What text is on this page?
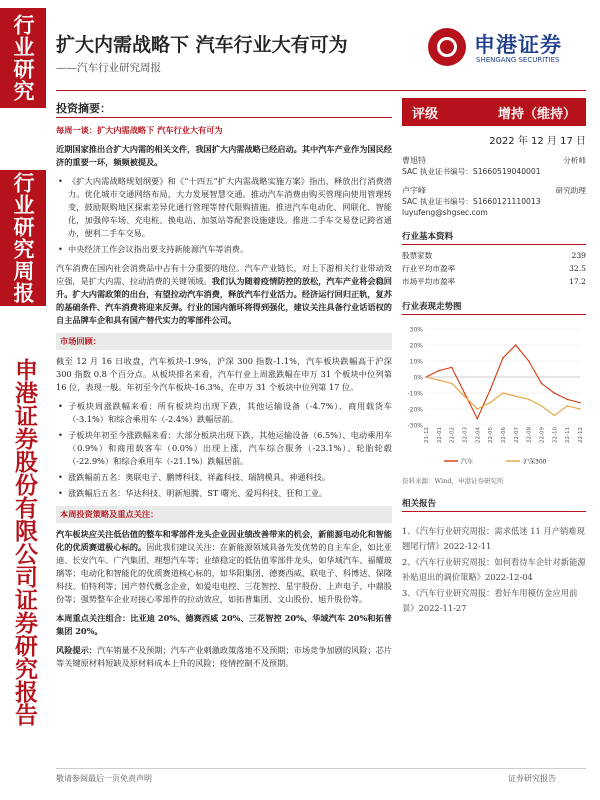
行业研究
行业研究周报
申港证券股份有限公司证券研究报告
扩大内需战略下 汽车行业大有可为
——汽车行业研究周报
申港证券
SHENGANG SECURITIES
投资摘要：
每周一谈：扩大内需战略下 汽车行业大有可为

近期国家推出合扩大内需的相关文件，我国扩大内需战略已经启动。其中汽车产业作为国民经济的重要一环，频频被提及。

• 《扩大内需战略规划纲要》和《“十四五”扩大内需战略实施方案》指出，释放出行消费潜力。优化城市交通网络布局，大力发展智慧交通。推动汽车消费由购买管理向使用管理转变，鼓励限购地区探索差异化通行管理等替代限购措施。推进汽车电动化、网联化、智能化，加强停车场、充电桩、换电站、加氢站等配套设施建设。推进二手车交易登记跨省通办，便利二手车交易。
• 中央经济工作会议指出要支持新能源汽车等消费。

汽车消费在国内社会消费品中占有十分重要的地位。汽车产业链长，对上下游相关行业带动效应强，是扩大内需、拉动消费的关键领域。我们认为随着疫情防控的放松，汽车产业将会稳回升。扩大内需政策的出台，有望拉动汽车消费，释放汽车行业活力。经济运行回归正轨，复苏的基础条件、汽车消费将迎来反弹。行业的国内循环将得到强化，建议关注具备行业话语权的自主品牌车企和具有国产替代实力的零部件公司。

市场回顾：

截至 12 月 16 日收盘，汽车板块-1.9%，沪深 300 指数-1.1%，汽车板块跌幅高于沪深 300 指数 0.8 个百分点。从板块排名来看，汽车行业上周涨跌幅在申万 31 个板块中位列第 16 位，表现一般。年初至今汽车板块-16.3%，在申万 31 个板块中位列第 17 位。

• 子板块周涨跌幅来看：所有板块均出现下跌，其他运输设备（-4.7%）、商用载货车（-3.1%）和综合乘用车（-2.4%）跌幅居前。
• 子板块年初至今涨跌幅来看：大部分板块出现下跌，其他运输设备（6.5%）、电动乘用车（0.9%）和商用载客车（0.0%）出现上涨，汽车综合服务（-23.1%）、轮胎轮毂（-22.9%）和综合乘用车（-21.1%）跌幅居前。
• 涨跌幅前五名：奥联电子、鹏博科技、祥鑫科技、瑞鹄模具、神通科技。
• 涨跌幅后五名：华达科技、明新旭腾、ST 曙光、爱玛科技、狂和工业。
本周投资策略及重点关注：

汽车板块应关注低估值的整车和零部件龙头企业因业绩改善带来的机会，新能源电动化和智能化的优质赛道极心标的。因此我们建议关注：在新能源领域具备先发优势的自主车企，如比亚迪、长安汽车、广汽集团、理想汽车等；业绩稳定的低估值零部件龙头，如华域汽车、福耀玻璃等；电动化和智能化的优质赛道核心标的，如华阳集团、德赛西威、联电子、科博达、保隆科技、伯特利等；国产替代概念企业，如爱电电控、三花智控、星宇股份、上声电子、中鼎股份等；强势整车企业对接心零部件的拉动效应，如拓普集团、文山股份、旭升股份等。

本周重点关注组合：比亚迪 20%、德赛西威 20%、三花智控 20%、华域汽车 20%和拓普集团 20%。

风险提示：汽车销量不及预期；汽车产业刺激政策落地不及预期；市场竞争加剧的风险；芯片等关键原材料短缺及原材料成本上升的风险；疫情控制不及预期。

评级	增持（维持）
2022 年 12 月 17 日
曹旭特	分析师
SAC 执业证书编号：S1660519040001
卢宇峰	研究助理
SAC 执业证书编号：S1660121110013
luyufeng@shgsec.com
行业基本资料
股票家数	239
行业平均市盈率	32.5
市场平均市盈率	17.2
行业表现走势图
30%
20%
10%
0%
-10%
-20%
-30%
21-12 22-01 22-02 22-03 22-04 22-05 22-06 22-07 22-08 22-09 22-10 22-11 22-12
汽车	沪深300
资料来源：Wind，申港证券研究所
相关报告
1、《汽车行业研究周报：需求低迷 11 月产销难现翘尾行情》2022-12-11
2、《汽车行业研究周报：如何看待车企针对新能源补贴退出的调价策略》2022-12-04
3、《汽车行业研究周报：看好车用模仿金应用前景》2022-11-27
敬请参阅最后一页免责声明	证券研究报告
